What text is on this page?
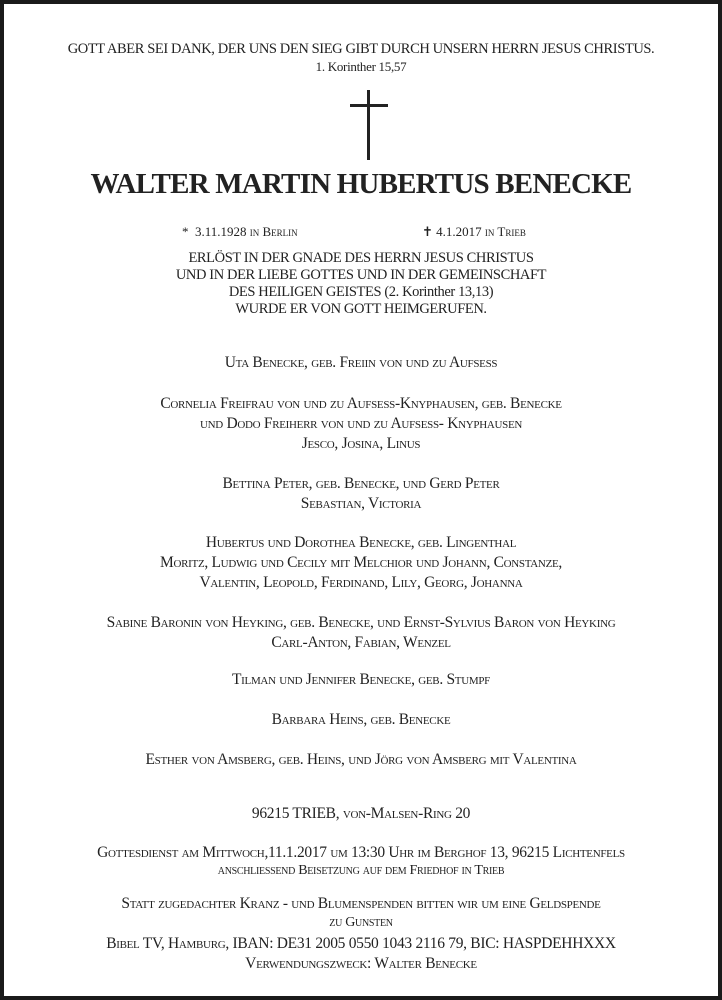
GOTT ABER SEI DANK, DER UNS DEN SIEG GIBT DURCH UNSERN HERRN JESUS CHRISTUS.
1. Korinther 15,57
WALTER MARTIN HUBERTUS BENECKE
* 3.11.1928 in Berlin	✝ 4.1.2017 in Trieb
ERLÖST IN DER GNADE DES HERRN JESUS CHRISTUS
UND IN DER LIEBE GOTTES UND IN DER GEMEINSCHAFT
DES HEILIGEN GEISTES (2. Korinther 13,13)
WURDE ER VON GOTT HEIMGERUFEN.
Uta Benecke, geb. Freiin von und zu Aufsess
Cornelia Freifrau von und zu Aufsess-Knyphausen, geb. Benecke
und Dodo Freiherr von und zu Aufsess- Knyphausen
Jesco, Josina, Linus
Bettina Peter, geb. Benecke, und Gerd Peter
Sebastian, Victoria
Hubertus und Dorothea Benecke, geb. Lingenthal
Moritz, Ludwig und Cecily mit Melchior und Johann, Constanze,
Valentin, Leopold, Ferdinand, Lily, Georg, Johanna
Sabine Baronin von Heyking, geb. Benecke, und Ernst-Sylvius Baron von Heyking
Carl-Anton, Fabian, Wenzel
Tilman und Jennifer Benecke, geb. Stumpf
Barbara Heins, geb. Benecke
Esther von Amsberg, geb. Heins, und Jörg von Amsberg mit Valentina
96215 TRIEB, von-Malsen-Ring 20
Gottesdienst am Mittwoch,11.1.2017 um 13:30 Uhr im Berghof 13, 96215 Lichtenfels
anschliessend Beisetzung auf dem Friedhof in Trieb
Statt zugedachter Kranz - und Blumenspenden bitten wir um eine Geldspende
zu Gunsten
Bibel TV, Hamburg, IBAN: DE31 2005 0550 1043 2116 79, BIC: HASPDEHHXXX
Verwendungszweck: Walter Benecke
